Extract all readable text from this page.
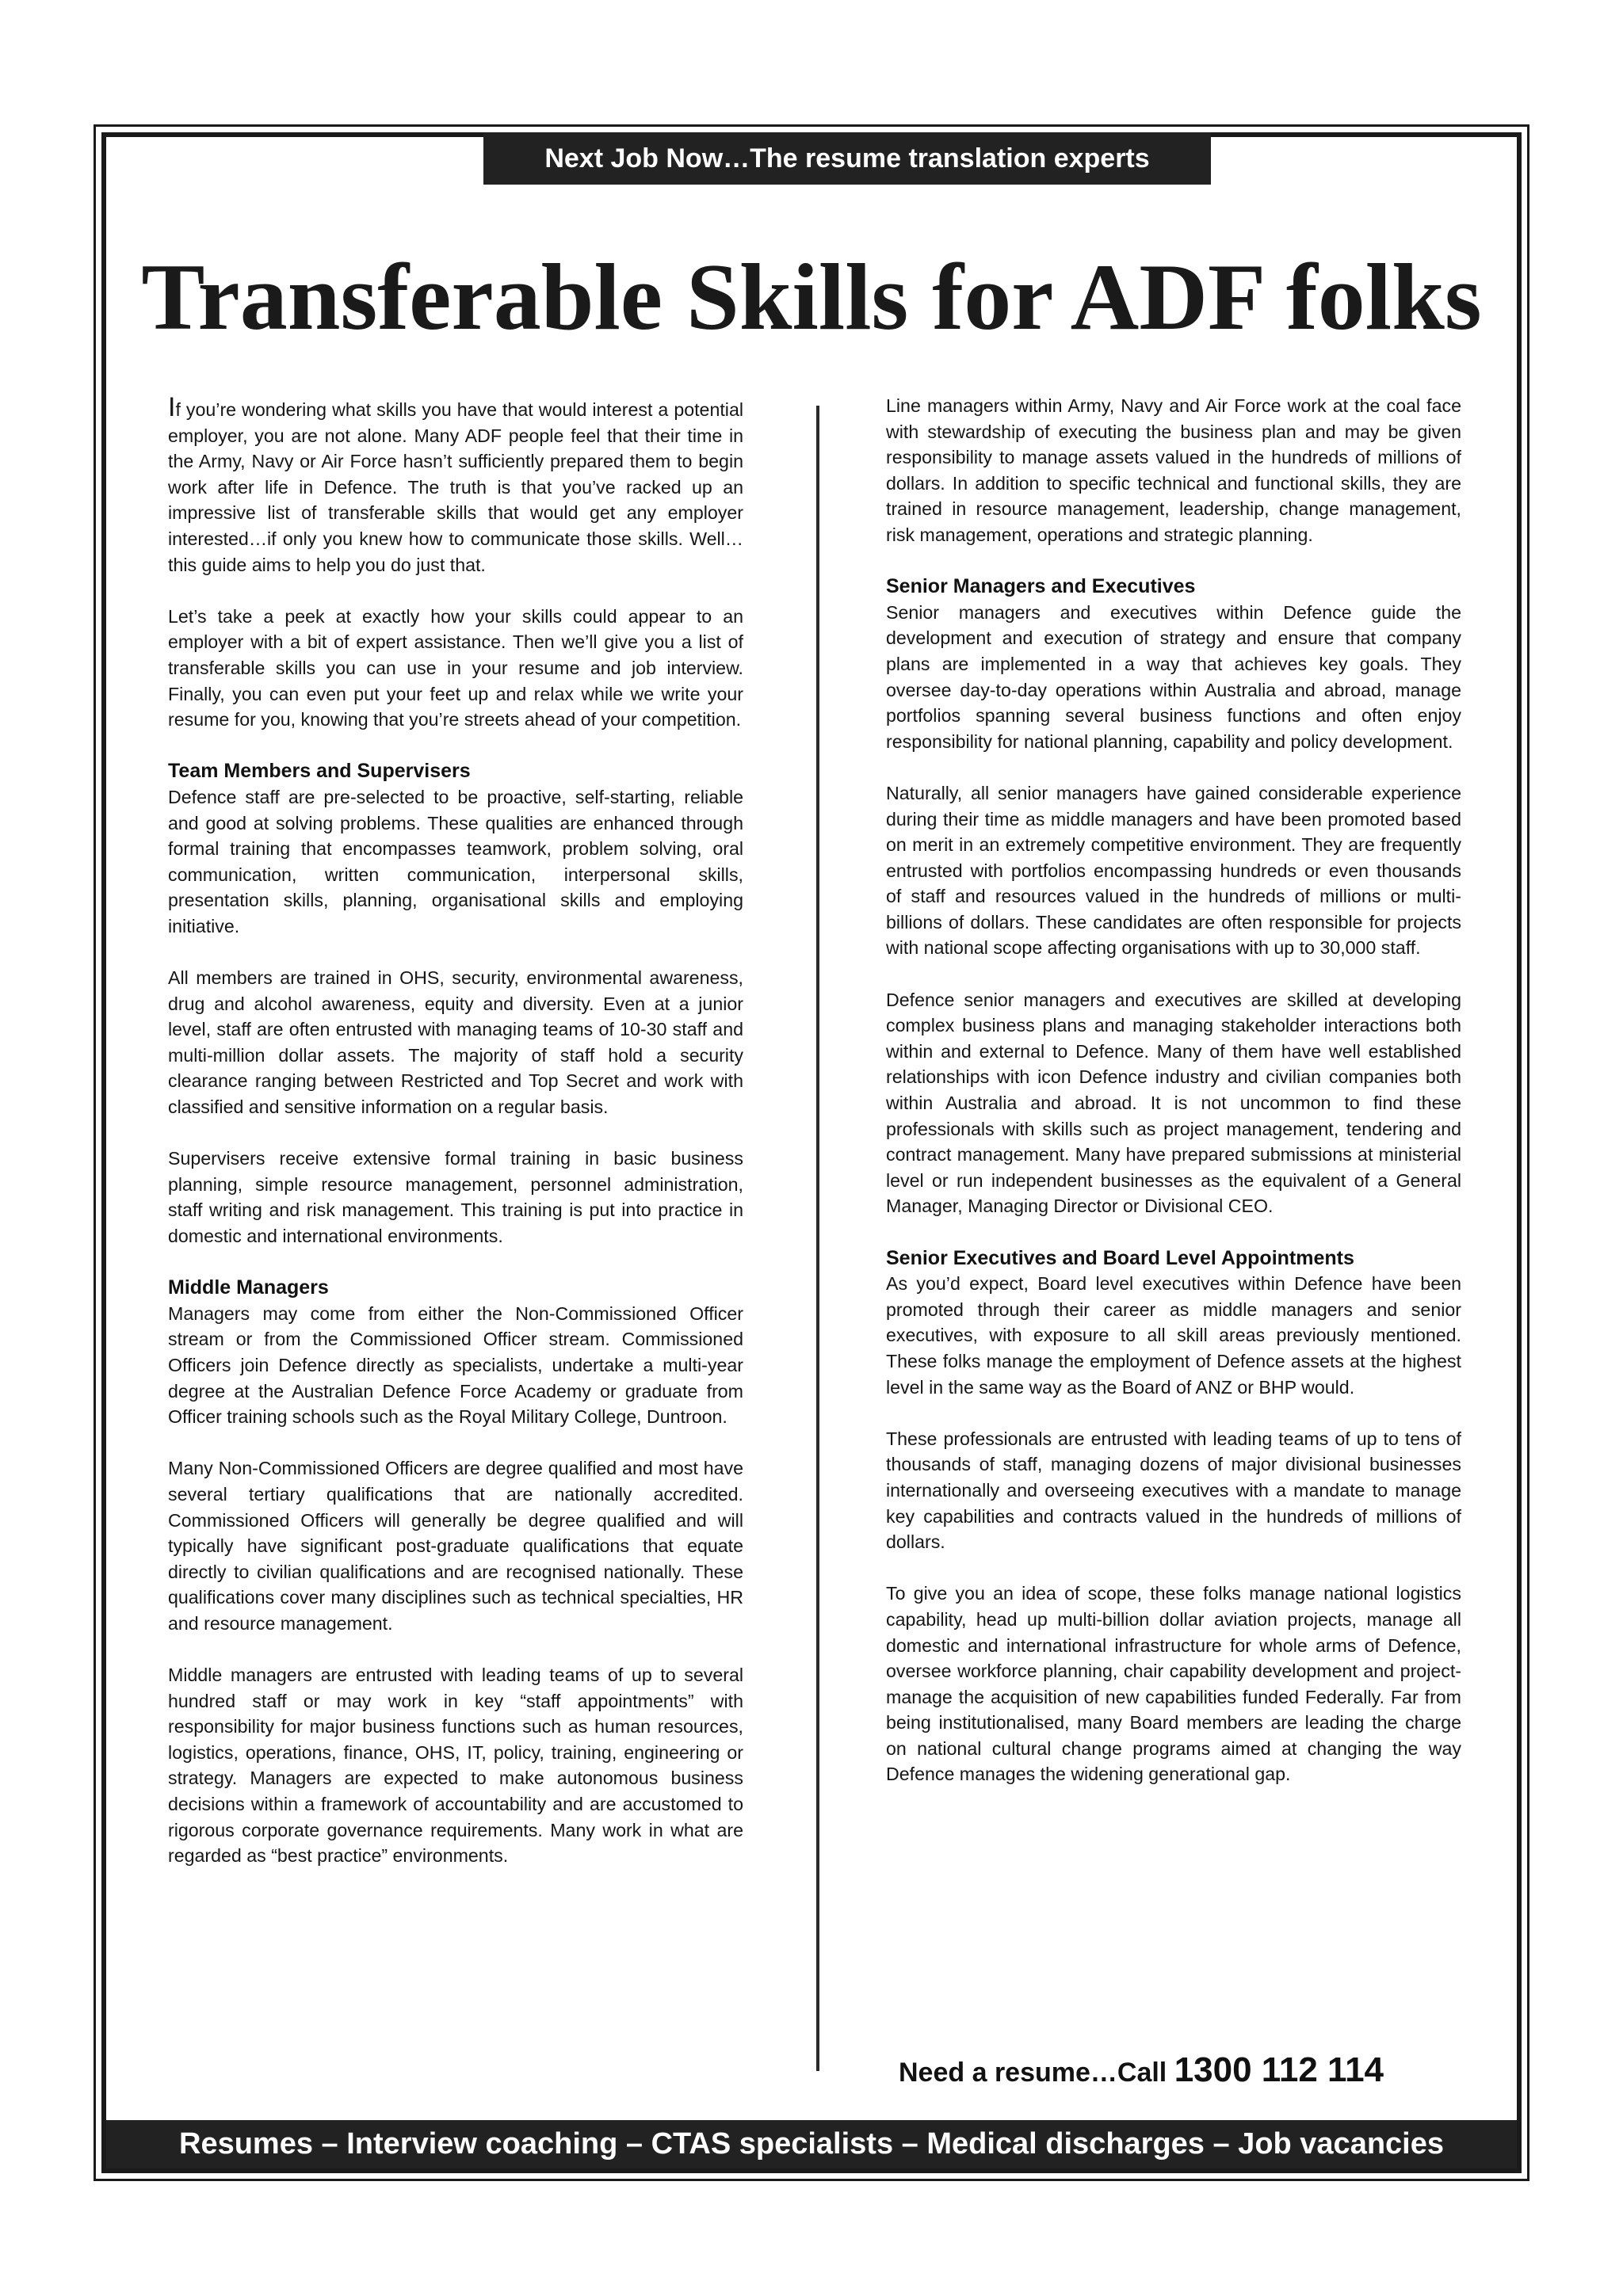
Next Job Now…The resume translation experts
Transferable Skills for ADF folks

If you’re wondering what skills you have that would interest a potential employer, you are not alone. Many ADF people feel that their time in the Army, Navy or Air Force hasn’t sufficiently prepared them to begin work after life in Defence. The truth is that you’ve racked up an impressive list of transferable skills that would get any employer interested…if only you knew how to communicate those skills. Well…this guide aims to help you do just that.

Let’s take a peek at exactly how your skills could appear to an employer with a bit of expert assistance. Then we’ll give you a list of transferable skills you can use in your resume and job interview. Finally, you can even put your feet up and relax while we write your resume for you, knowing that you’re streets ahead of your competition.

Team Members and Supervisers

Defence staff are pre-selected to be proactive, self-starting, reliable and good at solving problems. These qualities are enhanced through formal training that encompasses teamwork, problem solving, oral communication, written communication, interpersonal skills, presentation skills, planning, organisational skills and employing initiative.

All members are trained in OHS, security, environmental awareness, drug and alcohol awareness, equity and diversity. Even at a junior level, staff are often entrusted with managing teams of 10-30 staff and multi-million dollar assets. The majority of staff hold a security clearance ranging between Restricted and Top Secret and work with classified and sensitive information on a regular basis.

Supervisers receive extensive formal training in basic business planning, simple resource management, personnel administration, staff writing and risk management. This training is put into practice in domestic and international environments.

Middle Managers

Managers may come from either the Non-Commissioned Officer stream or from the Commissioned Officer stream. Commissioned Officers join Defence directly as specialists, undertake a multi-year degree at the Australian Defence Force Academy or graduate from Officer training schools such as the Royal Military College, Duntroon.

Many Non-Commissioned Officers are degree qualified and most have several tertiary qualifications that are nationally accredited. Commissioned Officers will generally be degree qualified and will typically have significant post-graduate qualifications that equate directly to civilian qualifications and are recognised nationally. These qualifications cover many disciplines such as technical specialties, HR and resource management.

Middle managers are entrusted with leading teams of up to several hundred staff or may work in key “staff appointments” with responsibility for major business functions such as human resources, logistics, operations, finance, OHS, IT, policy, training, engineering or strategy. Managers are expected to make autonomous business decisions within a framework of accountability and are accustomed to rigorous corporate governance requirements. Many work in what are regarded as “best practice” environments.

Line managers within Army, Navy and Air Force work at the coal face with stewardship of executing the business plan and may be given responsibility to manage assets valued in the hundreds of millions of dollars. In addition to specific technical and functional skills, they are trained in resource management, leadership, change management, risk management, operations and strategic planning.

Senior Managers and Executives

Senior managers and executives within Defence guide the development and execution of strategy and ensure that company plans are implemented in a way that achieves key goals. They oversee day-to-day operations within Australia and abroad, manage portfolios spanning several business functions and often enjoy responsibility for national planning, capability and policy development.

Naturally, all senior managers have gained considerable experience during their time as middle managers and have been promoted based on merit in an extremely competitive environment. They are frequently entrusted with portfolios encompassing hundreds or even thousands of staff and resources valued in the hundreds of millions or multi-billions of dollars. These candidates are often responsible for projects with national scope affecting organisations with up to 30,000 staff.

Defence senior managers and executives are skilled at developing complex business plans and managing stakeholder interactions both within and external to Defence. Many of them have well established relationships with icon Defence industry and civilian companies both within Australia and abroad. It is not uncommon to find these professionals with skills such as project management, tendering and contract management. Many have prepared submissions at ministerial level or run independent businesses as the equivalent of a General Manager, Managing Director or Divisional CEO.

Senior Executives and Board Level Appointments

As you’d expect, Board level executives within Defence have been promoted through their career as middle managers and senior executives, with exposure to all skill areas previously mentioned. These folks manage the employment of Defence assets at the highest level in the same way as the Board of ANZ or BHP would.

These professionals are entrusted with leading teams of up to tens of thousands of staff, managing dozens of major divisional businesses internationally and overseeing executives with a mandate to manage key capabilities and contracts valued in the hundreds of millions of dollars.

To give you an idea of scope, these folks manage national logistics capability, head up multi-billion dollar aviation projects, manage all domestic and international infrastructure for whole arms of Defence, oversee workforce planning, chair capability development and project-manage the acquisition of new capabilities funded Federally. Far from being institutionalised, many Board members are leading the charge on national cultural change programs aimed at changing the way Defence manages the widening generational gap.

Need a resume…Call 1300 112 114
Resumes – Interview coaching – CTAS specialists – Medical discharges – Job vacancies
